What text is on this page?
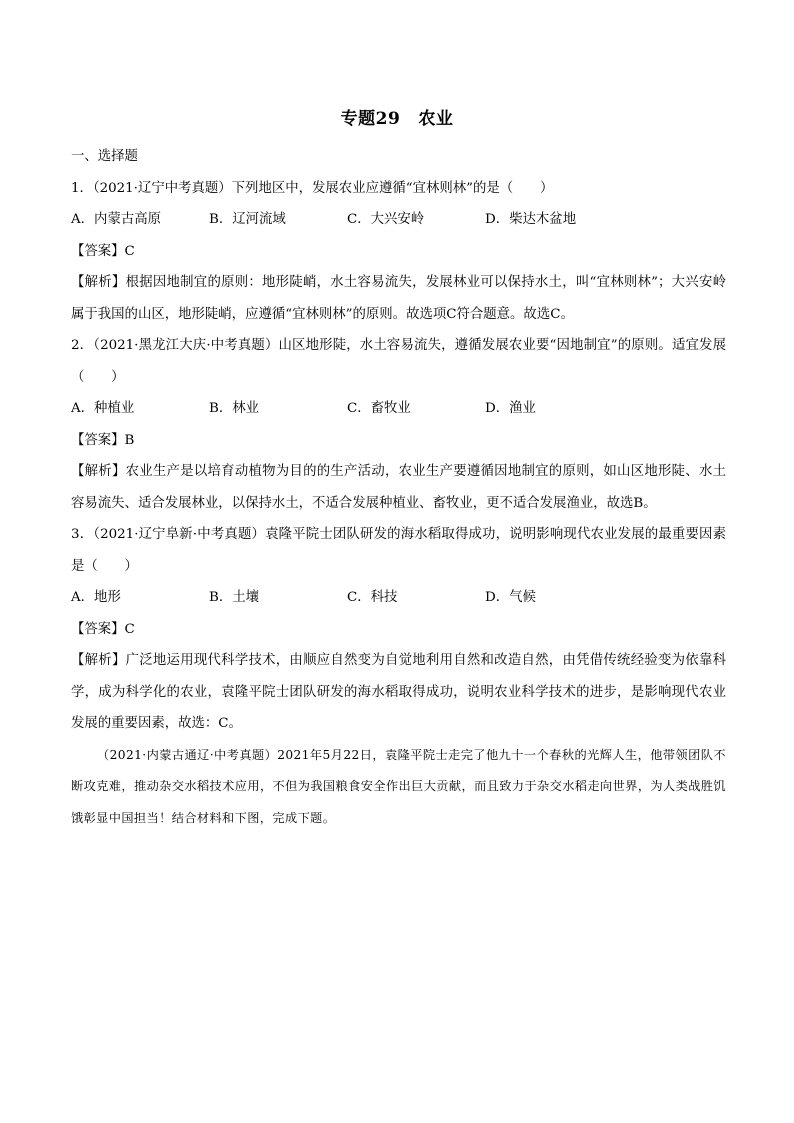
专题29 农业
一、选择题
1．（2021·辽宁中考真题）下列地区中，发展农业应遵循“宜林则林”的是（　　）
A．内蒙古高原	B．辽河流域	C．大兴安岭	D．柴达木盆地
【答案】C
【解析】根据因地制宜的原则：地形陡峭，水土容易流失，发展林业可以保持水土，叫“宜林则林”；大兴安岭属于我国的山区，地形陡峭，应遵循“宜林则林”的原则。故选项C符合题意。故选C。
2．（2021·黑龙江大庆·中考真题）山区地形陡，水土容易流失，遵循发展农业要“因地制宜”的原则。适宜发展（　　）
A．种植业	B．林业	C．畜牧业	D．渔业
【答案】B
【解析】农业生产是以培育动植物为目的的生产活动，农业生产要遵循因地制宜的原则，如山区地形陡、水土容易流失、适合发展林业，以保持水土，不适合发展种植业、畜牧业，更不适合发展渔业，故选B。
3．（2021·辽宁阜新·中考真题）袁隆平院士团队研发的海水稻取得成功，说明影响现代农业发展的最重要因素是（　　）
A．地形	B．土壤	C．科技	D．气候
【答案】C
【解析】广泛地运用现代科学技术，由顺应自然变为自觉地利用自然和改造自然，由凭借传统经验变为依靠科学，成为科学化的农业，袁隆平院士团队研发的海水稻取得成功，说明农业科学技术的进步，是影响现代农业发展的重要因素，故选：C。
（2021·内蒙古通辽·中考真题）2021年5月22日，袁隆平院士走完了他九十一个春秋的光辉人生，他带领团队不断攻克难，推动杂交水稻技术应用，不但为我国粮食安全作出巨大贡献，而且致力于杂交水稻走向世界，为人类战胜饥饿彰显中国担当！结合材料和下图，完成下题。
